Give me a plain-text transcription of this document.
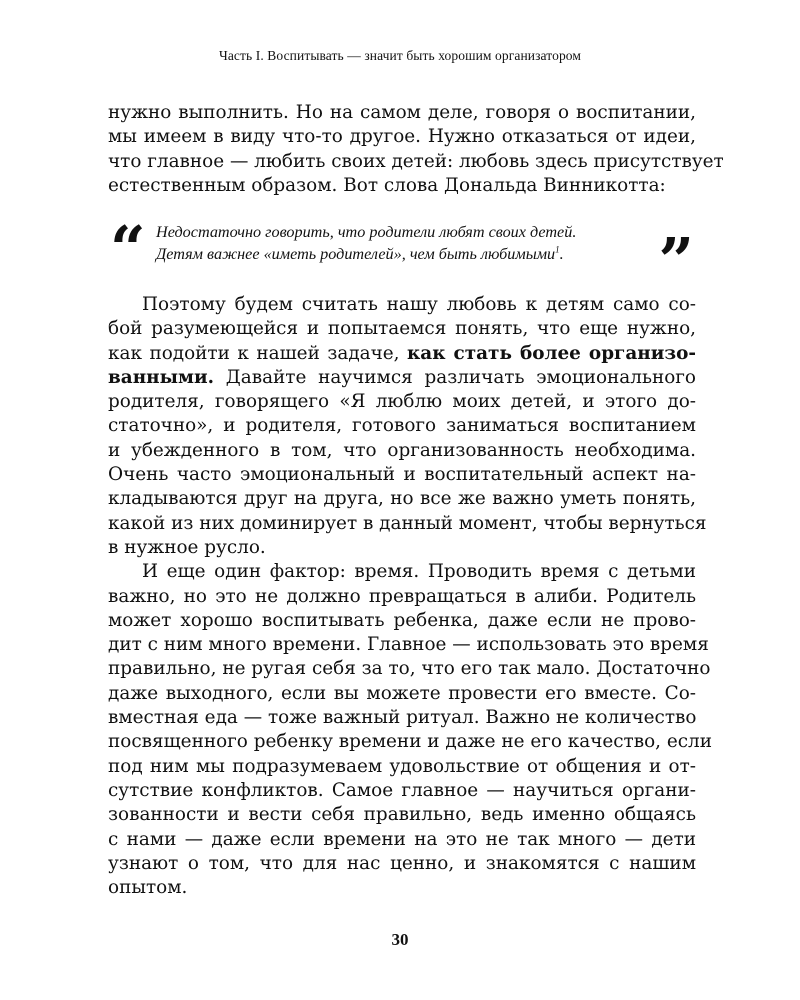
Часть I. Воспитывать — значит быть хорошим организатором
нужно выполнить. Но на самом деле, говоря о воспитании,
мы имеем в виду что-то другое. Нужно отказаться от идеи,
что главное — любить своих детей: любовь здесь присутствует
естественным образом. Вот слова Дональда Винникотта:
“ Недостаточно говорить, что родители любят своих детей.
Детям важнее «иметь родителей», чем быть любимыми$^1$.	”
Поэтому будем считать нашу любовь к детям само со-
бой разумеющейся и попытаемся понять, что еще нужно,
как подойти к нашей задаче, как стать более организо-
ванными. Давайте научимся различать эмоционального
родителя, говорящего «Я люблю моих детей, и этого до-
статочно», и родителя, готового заниматься воспитанием
и убежденного в том, что организованность необходима.
Очень часто эмоциональный и воспитательный аспект на-
кладываются друг на друга, но все же важно уметь понять,
какой из них доминирует в данный момент, чтобы вернуться
в нужное русло.
И еще один фактор: время. Проводить время с детьми
важно, но это не должно превращаться в алиби. Родитель
может хорошо воспитывать ребенка, даже если не прово-
дит с ним много времени. Главное — использовать это время
правильно, не ругая себя за то, что его так мало. Достаточно
даже выходного, если вы можете провести его вместе. Со-
вместная еда — тоже важный ритуал. Важно не количество
посвященного ребенку времени и даже не его качество, если
под ним мы подразумеваем удовольствие от общения и от-
сутствие конфликтов. Самое главное — научиться органи-
зованности и вести себя правильно, ведь именно общаясь
с нами — даже если времени на это не так много — дети
узнают о том, что для нас ценно, и знакомятся с нашим
опытом.
30
